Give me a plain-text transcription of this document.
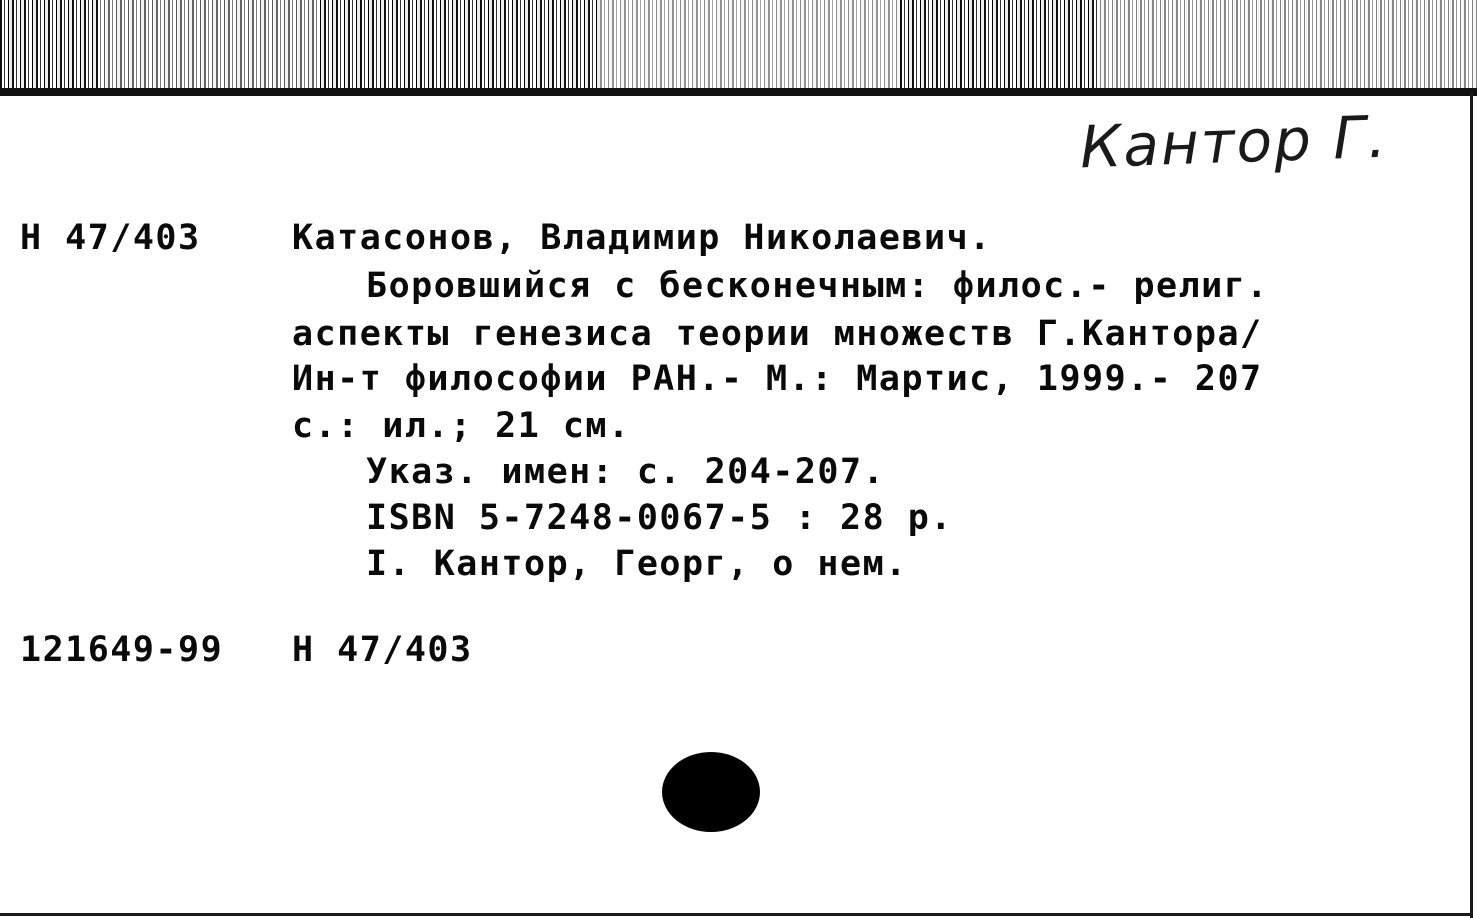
Кантор Г.
Н 47/403	Катасонов, Владимир Николаевич.
Боровшийся с бесконечным: филос.- религ.
аспекты генезиса теории множеств Г.Кантора/
Ин-т философии РАН.- М.: Мартис, 1999.- 207
с.: ил.; 21 см.
Указ. имен: с. 204-207.
ISBN 5-7248-0067-5 : 28 р.
I. Кантор, Георг, о нем.
121649-99 Н 47/403
